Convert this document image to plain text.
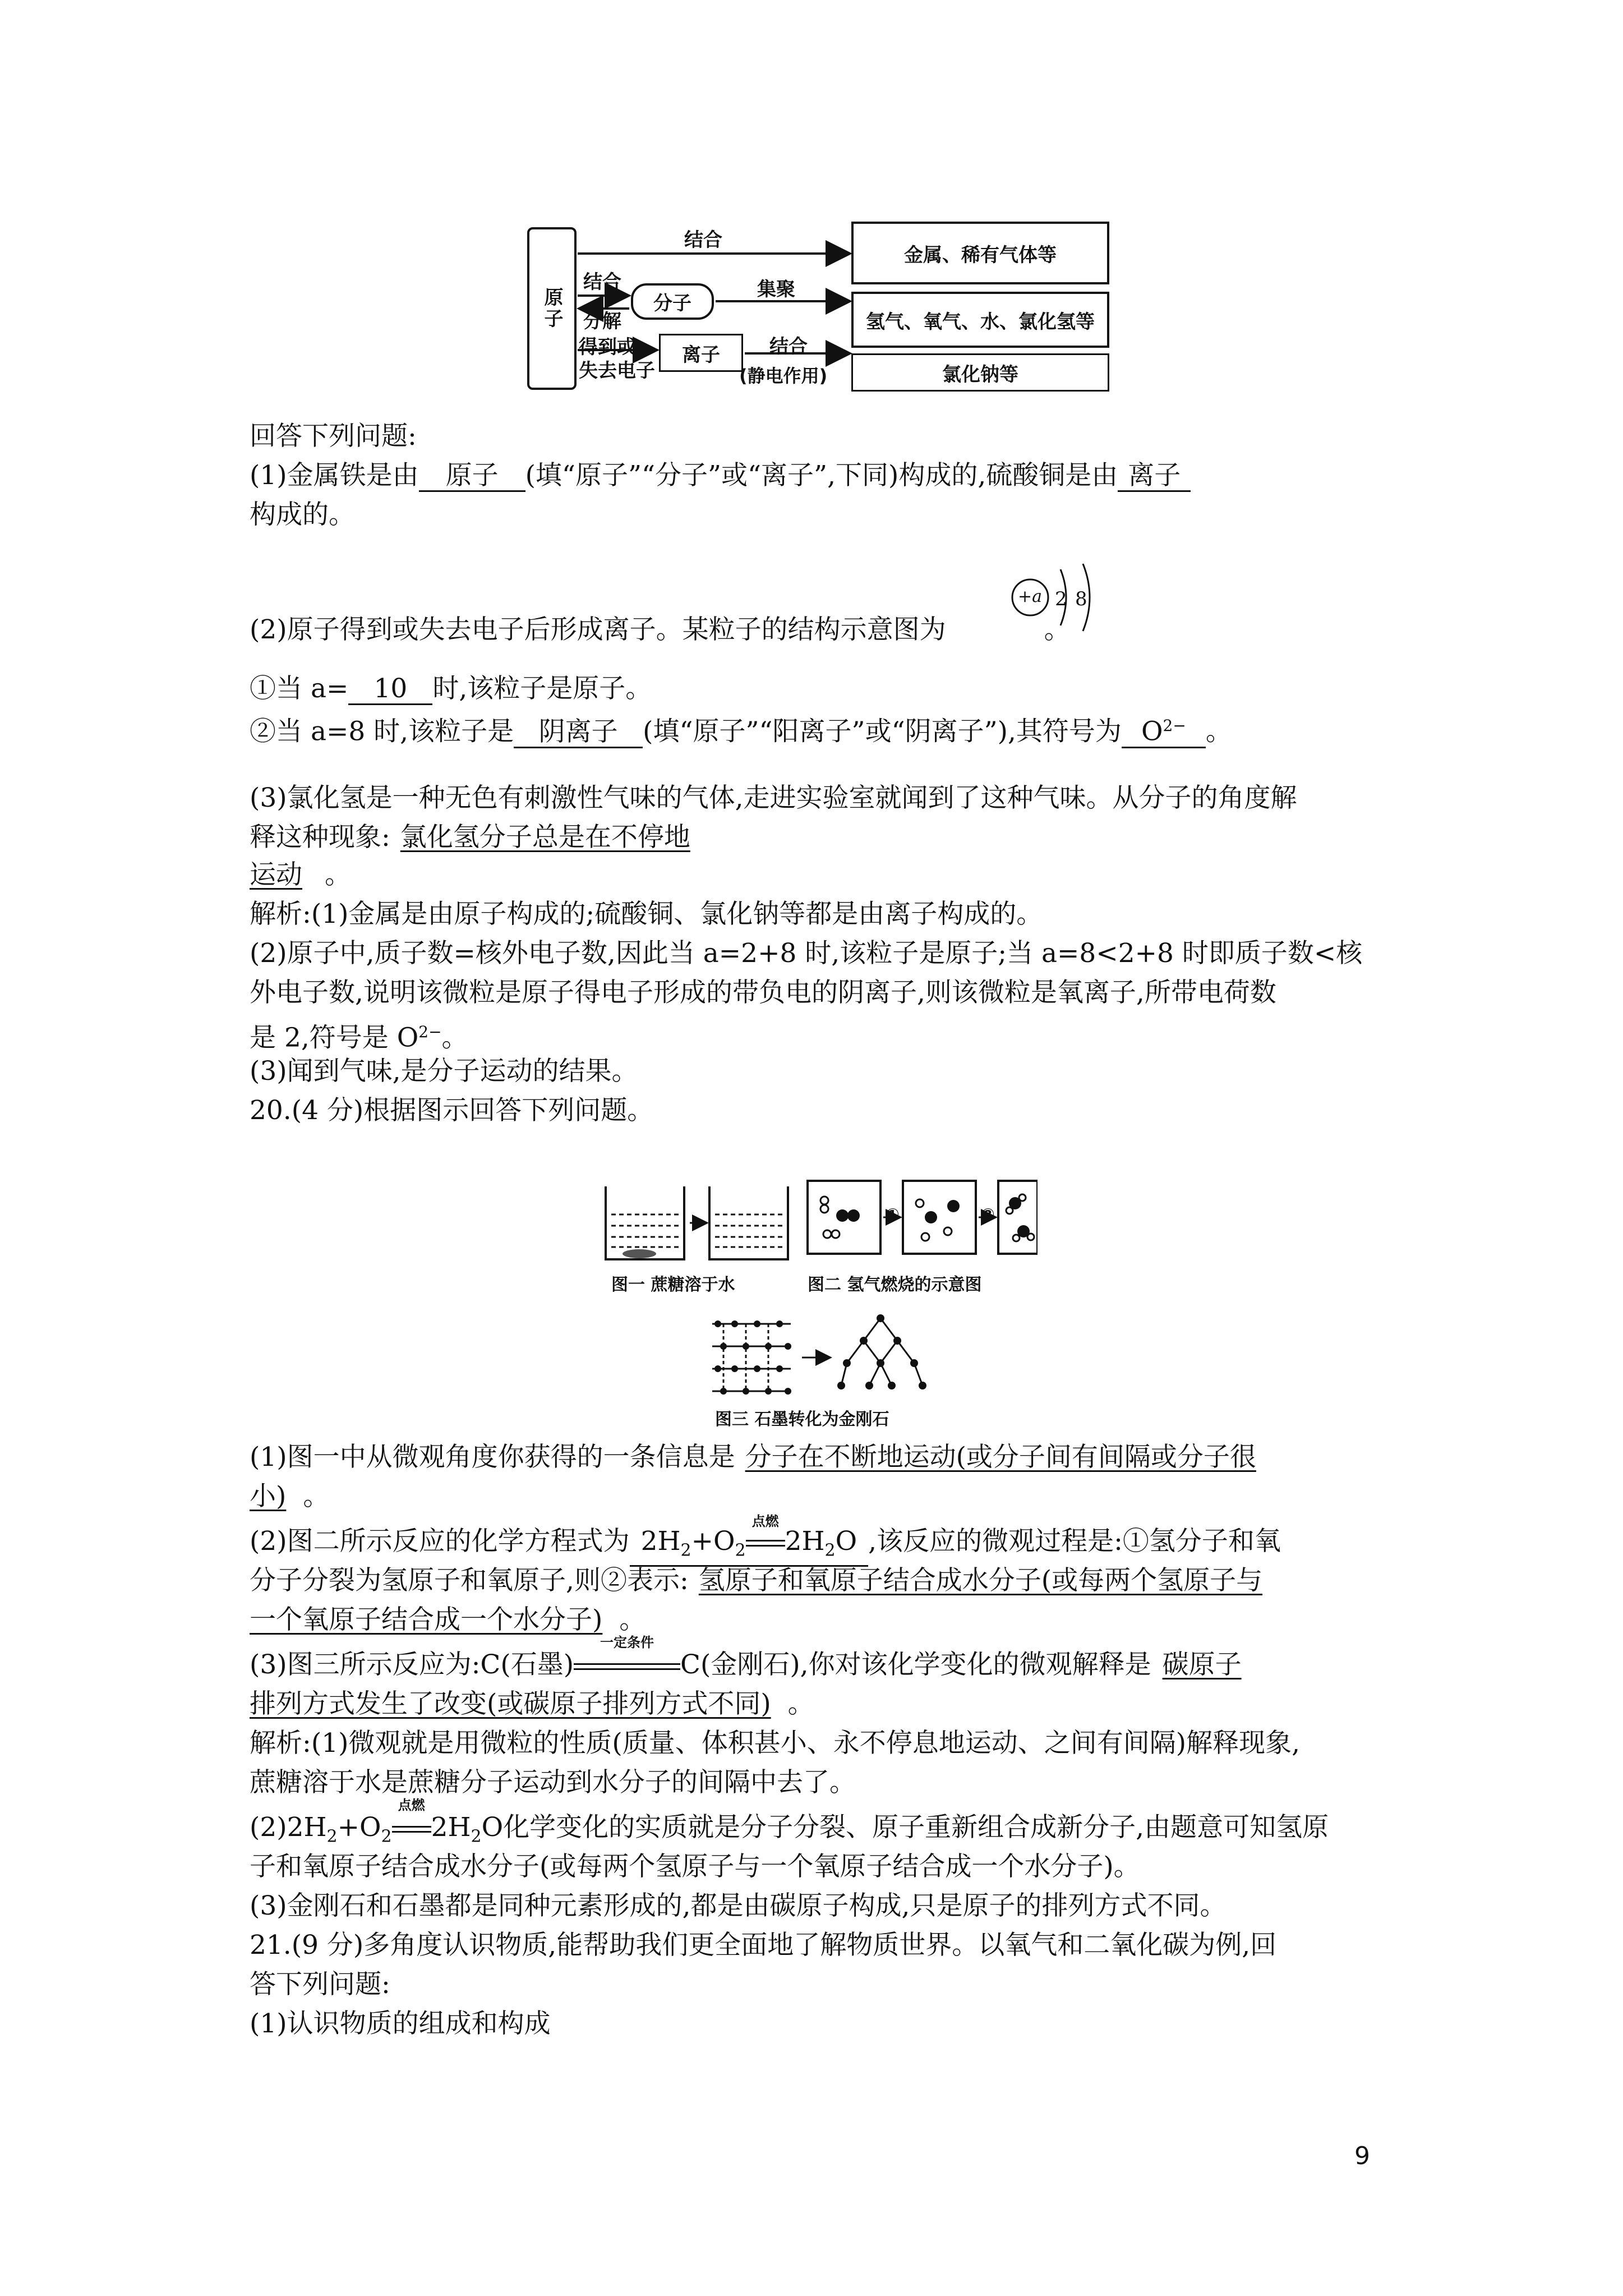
原子	分子
离子
金属、稀有气体等
氢气、氧气、水、氯化氢等
氯化钠等
结合
结合
分解
得到或
失去电子
集聚
结合
(静电作用)
回答下列问题:
(1)金属铁是由 原子 (填“原子”“分子”或“离子”,下同)构成的,硫酸铜是由 离子
构成的。
(2)原子得到或失去电子后形成离子。某粒子的结构示意图为	。
+a 2 8
①当 a= 10 时,该粒子是原子。
②当 a=8 时,该粒子是 阴离子 (填“原子”“阳离子”或“阴离子”),其符号为 $O^{2-}$ 。
(3)氯化氢是一种无色有刺激性气味的气体,走进实验室就闻到了这种气味。从分子的角度解
释这种现象: 氯化氢分子总是在不停地
运动 。
解析:(1)金属是由原子构成的;硫酸铜、氯化钠等都是由离子构成的。
(2)原子中,质子数=核外电子数,因此当 a=2+8 时,该粒子是原子;当 a=8<2+8 时即质子数<核
外电子数,说明该微粒是原子得电子形成的带负电的阴离子,则该微粒是氧离子,所带电荷数
是 2,符号是 $O^{2-}$。
(3)闻到气味,是分子运动的结果。
20.(4 分)根据图示回答下列问题。
①	②
图一 蔗糖溶于水	图二 氢气燃烧的示意图
图三 石墨转化为金刚石
(1)图一中从微观角度你获得的一条信息是 分子在不断地运动(或分子间有间隔或分子很
小) 。
(2)图二所示反应的化学方程式为 $2H_2+O_2$
点燃
$2H_2O$ ,该反应的微观过程是:①氢分子和氧
分子分裂为氢原子和氧原子,则②表示: 氢原子和氧原子结合成水分子(或每两个氢原子与
一个氧原子结合成一个水分子) 。
(3)图三所示反应为:C(石墨)
一定条件
C(金刚石),你对该化学变化的微观解释是 碳原子
排列方式发生了改变(或碳原子排列方式不同) 。
解析:(1)微观就是用微粒的性质(质量、体积甚小、永不停息地运动、之间有间隔)解释现象,
蔗糖溶于水是蔗糖分子运动到水分子的间隔中去了。
$(2)2H_2+O_2$
点燃
$2H_2O$化学变化的实质就是分子分裂、原子重新组合成新分子,由题意可知氢原
子和氧原子结合成水分子(或每两个氢原子与一个氧原子结合成一个水分子)。
(3)金刚石和石墨都是同种元素形成的,都是由碳原子构成,只是原子的排列方式不同。
21.(9 分)多角度认识物质,能帮助我们更全面地了解物质世界。以氧气和二氧化碳为例,回
答下列问题:
(1)认识物质的组成和构成
9
